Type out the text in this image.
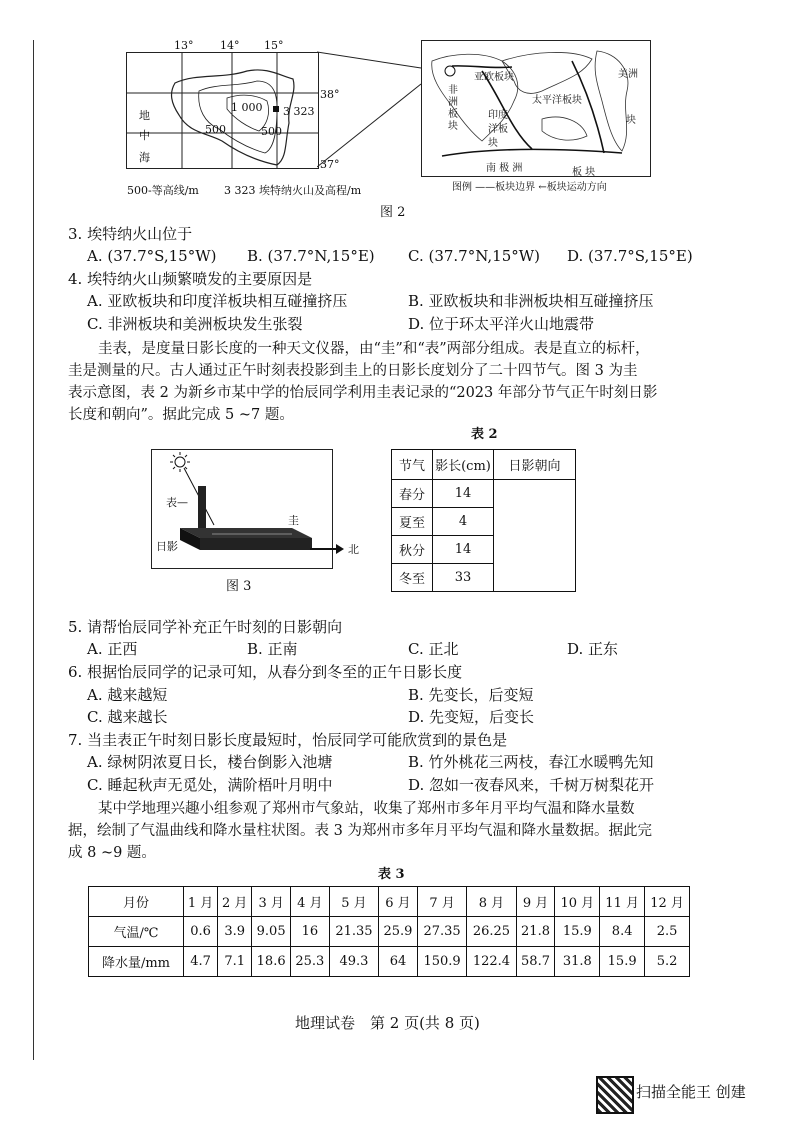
地
中
海
1 000
500	500
3 323
13° 14° 15°
38°
37°
500-等高线/m 3 323 埃特纳火山及高程/m
亚欧板块
太平洋板块
非洲板块
印度洋板块
美洲
块
南 极 洲	板 块
图例 ——板块边界 ←板块运动方向
图 2
3. 埃特纳火山位于
A. (37.7°S,15°W) B. (37.7°N,15°E) C. (37.7°N,15°W) D. (37.7°S,15°E)
4. 埃特纳火山频繁喷发的主要原因是
A. 亚欧板块和印度洋板块相互碰撞挤压	B. 亚欧板块和非洲板块相互碰撞挤压
C. 非洲板块和美洲板块发生张裂	D. 位于环太平洋火山地震带
圭表，是度量日影长度的一种天文仪器，由“圭”和“表”两部分组成。表是直立的标杆，
圭是测量的尺。古人通过正午时刻表投影到圭上的日影长度划分了二十四节气。图 3 为圭
表示意图，表 2 为新乡市某中学的怡辰同学利用圭表记录的“2023 年部分节气正午时刻日影
长度和朝向”。据此完成 5 ~7 题。
表—
圭
日影	北
图 3
表 2
节气	影长(cm)	日影朝向
春分	14	
夏至	4	
秋分	14	
冬至	33	
5. 请帮怡辰同学补充正午时刻的日影朝向
A. 正西	B. 正南	C. 正北	D. 正东
6. 根据怡辰同学的记录可知，从春分到冬至的正午日影长度
A. 越来越短	B. 先变长，后变短
C. 越来越长	D. 先变短，后变长
7. 当圭表正午时刻日影长度最短时，怡辰同学可能欣赏到的景色是
A. 绿树阴浓夏日长，楼台倒影入池塘	B. 竹外桃花三两枝，春江水暖鸭先知
C. 睡起秋声无觅处，满阶梧叶月明中	D. 忽如一夜春风来，千树万树梨花开
某中学地理兴趣小组参观了郑州市气象站，收集了郑州市多年月平均气温和降水量数
据，绘制了气温曲线和降水量柱状图。表 3 为郑州市多年月平均气温和降水量数据。据此完
成 8 ~9 题。
表 3
月份	1 月	2 月	3 月	4 月	5 月	6 月	7 月	8 月	9 月	10 月	11 月	12 月
气温/℃	0.6	3.9	9.05	16	21.35	25.9	27.35	26.25	21.8	15.9	8.4	2.5
降水量/mm	4.7	7.1	18.6	25.3	49.3	64	150.9	122.4	58.7	31.8	15.9	5.2
地理试卷　第 2 页(共 8 页)
扫描全能王 创建
